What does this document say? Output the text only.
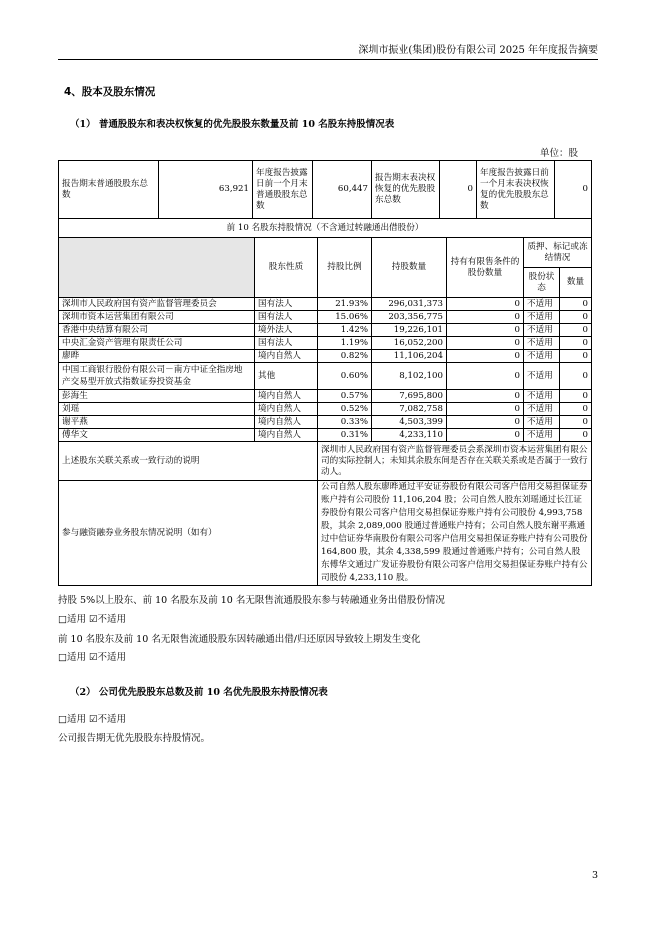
深圳市振业(集团)股份有限公司 2025 年年度报告摘要
4、股本及股东情况
（1） 普通股股东和表决权恢复的优先股股东数量及前 10 名股东持股情况表
单位：股
报告期末普通股股东总数	63,921	年度报告披露日前一个月末普通股股东总数	60,447	报告期末表决权恢复的优先股股东总数	0	年度报告披露日前一个月末表决权恢复的优先股股东总数	0
前 10 名股东持股情况（不含通过转融通出借股份）						
	股东性质	持股比例	持股数量	持有有限售条件的股份数量	质押、标记或冻结情况	
					股份状态	数量
深圳市人民政府国有资产监督管理委员会	国有法人	21.93%	296,031,373	0	不适用	0
深圳市资本运营集团有限公司	国有法人	15.06%	203,356,775	0	不适用	0
香港中央结算有限公司	境外法人	1.42%	19,226,101	0	不适用	0
中央汇金资产管理有限责任公司	国有法人	1.19%	16,052,200	0	不适用	0
廖晔	境内自然人	0.82%	11,106,204	0	不适用	0
中国工商银行股份有限公司－南方中证全指房地产交易型开放式指数证券投资基金	其他	0.60%	8,102,100	0	不适用	0
彭海生	境内自然人	0.57%	7,695,800	0	不适用	0
刘瑶	境内自然人	0.52%	7,082,758	0	不适用	0
谢平燕	境内自然人	0.33%	4,503,399	0	不适用	0
傅华文	境内自然人	0.31%	4,233,110	0	不适用	0
上述股东关联关系或一致行动的说明		深圳市人民政府国有资产监督管理委员会系深圳市资本运营集团有限公司的实际控制人；未知其余股东间是否存在关联关系或是否属于一致行动人。				
参与融资融券业务股东情况说明（如有）		公司自然人股东廖晔通过平安证券股份有限公司客户信用交易担保证券账户持有公司股份 11,106,204 股；公司自然人股东刘瑶通过长江证券股份有限公司客户信用交易担保证券账户持有公司股份 4,993,758 股，其余 2,089,000 股通过普通账户持有；公司自然人股东谢平燕通过中信证券华南股份有限公司客户信用交易担保证券账户持有公司股份 164,800 股，其余 4,338,599 股通过普通账户持有；公司自然人股东傅华文通过广发证券股份有限公司客户信用交易担保证券账户持有公司股份 4,233,110 股。				
持股 5%以上股东、前 10 名股东及前 10 名无限售流通股股东参与转融通业务出借股份情况
□适用 ☑不适用
前 10 名股东及前 10 名无限售流通股股东因转融通出借/归还原因导致较上期发生变化
□适用 ☑不适用
（2） 公司优先股股东总数及前 10 名优先股股东持股情况表
□适用 ☑不适用
公司报告期无优先股股东持股情况。
3
